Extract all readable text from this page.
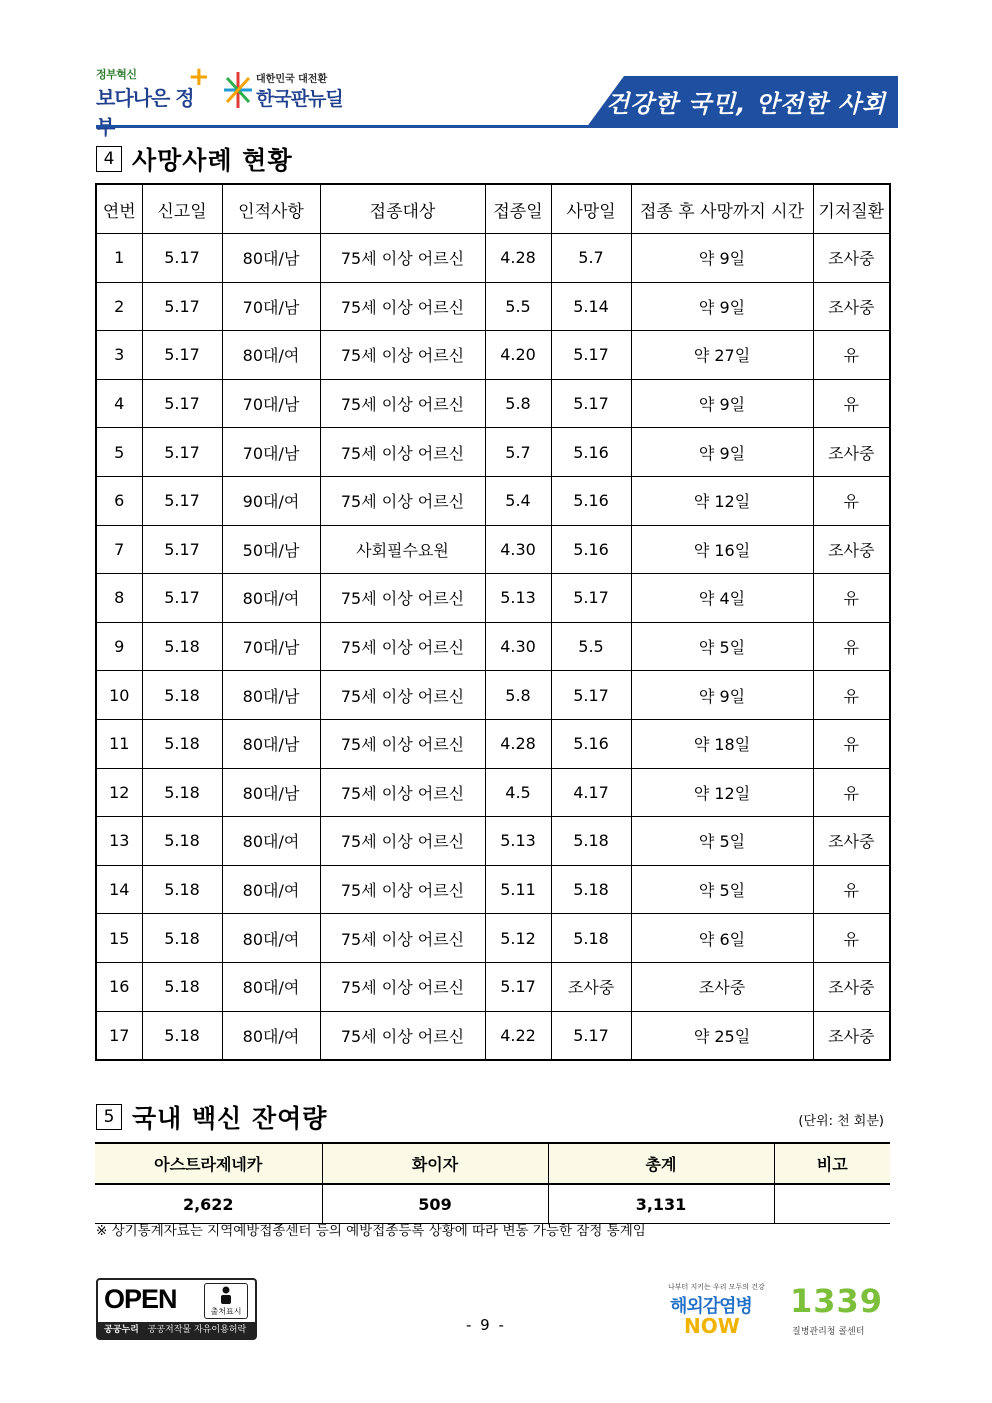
정부혁신
보다나은 정부
+	대한민국 대전환
한국판뉴딜	건강한 국민, 안전한 사회
4 사망사례 현황
연번	신고일	인적사항	접종대상	접종일	사망일	접종 후 사망까지 시간	기저질환
1	5.17	80대/남	75세 이상 어르신	4.28	5.7	약 9일	조사중
2	5.17	70대/남	75세 이상 어르신	5.5	5.14	약 9일	조사중
3	5.17	80대/여	75세 이상 어르신	4.20	5.17	약 27일	유
4	5.17	70대/남	75세 이상 어르신	5.8	5.17	약 9일	유
5	5.17	70대/남	75세 이상 어르신	5.7	5.16	약 9일	조사중
6	5.17	90대/여	75세 이상 어르신	5.4	5.16	약 12일	유
7	5.17	50대/남	사회필수요원	4.30	5.16	약 16일	조사중
8	5.17	80대/여	75세 이상 어르신	5.13	5.17	약 4일	유
9	5.18	70대/남	75세 이상 어르신	4.30	5.5	약 5일	유
10	5.18	80대/남	75세 이상 어르신	5.8	5.17	약 9일	유
11	5.18	80대/남	75세 이상 어르신	4.28	5.16	약 18일	유
12	5.18	80대/남	75세 이상 어르신	4.5	4.17	약 12일	유
13	5.18	80대/여	75세 이상 어르신	5.13	5.18	약 5일	조사중
14	5.18	80대/여	75세 이상 어르신	5.11	5.18	약 5일	유
15	5.18	80대/여	75세 이상 어르신	5.12	5.18	약 6일	유
16	5.18	80대/여	75세 이상 어르신	5.17	조사중	조사중	조사중
17	5.18	80대/여	75세 이상 어르신	4.22	5.17	약 25일	조사중
5 국내 백신 잔여량	(단위: 천 회분)
아스트라제네카	화이자	총계	비고
2,622	509	3,131	
※ 상기통계자료는 지역예방접종센터 등의 예방접종등록 상황에 따라 변동 가능한 잠정 통계임
OPEN	출처표시
공공누리 공공저작물 자유이용허락	- 9 -
나부터 지키는 우리 모두의 건강
해외감염병
NOW
1339
질병관리청 콜센터
